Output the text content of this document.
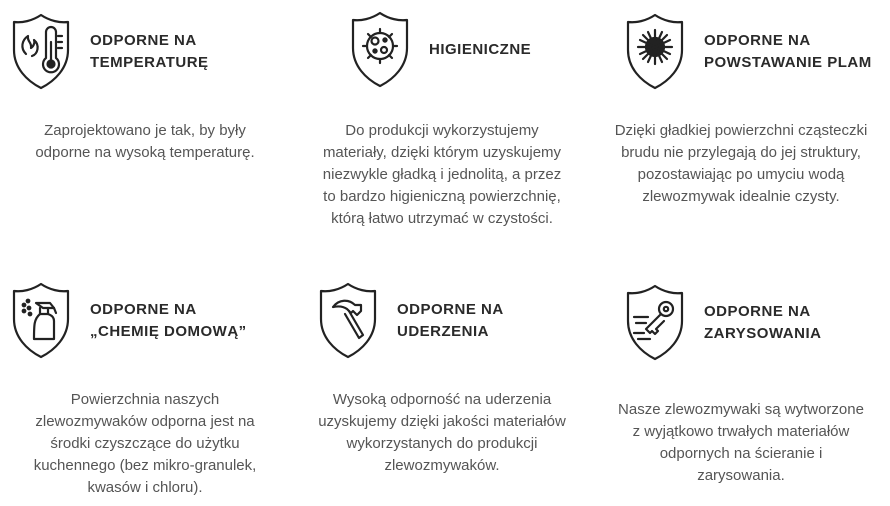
ODPORNE NA
TEMPERATURĘ
Zaprojektowano je tak, by były
odporne na wysoką temperaturę.
HIGIENICZNE
Do produkcji wykorzystujemy
materiały, dzięki którym uzyskujemy
niezwykle gładką i jednolitą, a przez
to bardzo higieniczną powierzchnię,
którą łatwo utrzymać w czystości.
ODPORNE NA
POWSTAWANIE PLAM
Dzięki gładkiej powierzchni cząsteczki
brudu nie przylegają do jej struktury,
pozostawiając po umyciu wodą
zlewozmywak idealnie czysty.
ODPORNE NA
„CHEMIĘ DOMOWĄ”
Powierzchnia naszych
zlewozmywaków odporna jest na
środki czyszczące do użytku
kuchennego (bez mikro-granulek,
kwasów i chloru).
ODPORNE NA
UDERZENIA
Wysoką odporność na uderzenia
uzyskujemy dzięki jakości materiałów
wykorzystanych do produkcji
zlewozmywaków.
ODPORNE NA
ZARYSOWANIA
Nasze zlewozmywaki są wytworzone
z wyjątkowo trwałych materiałów
odpornych na ścieranie i
zarysowania.
